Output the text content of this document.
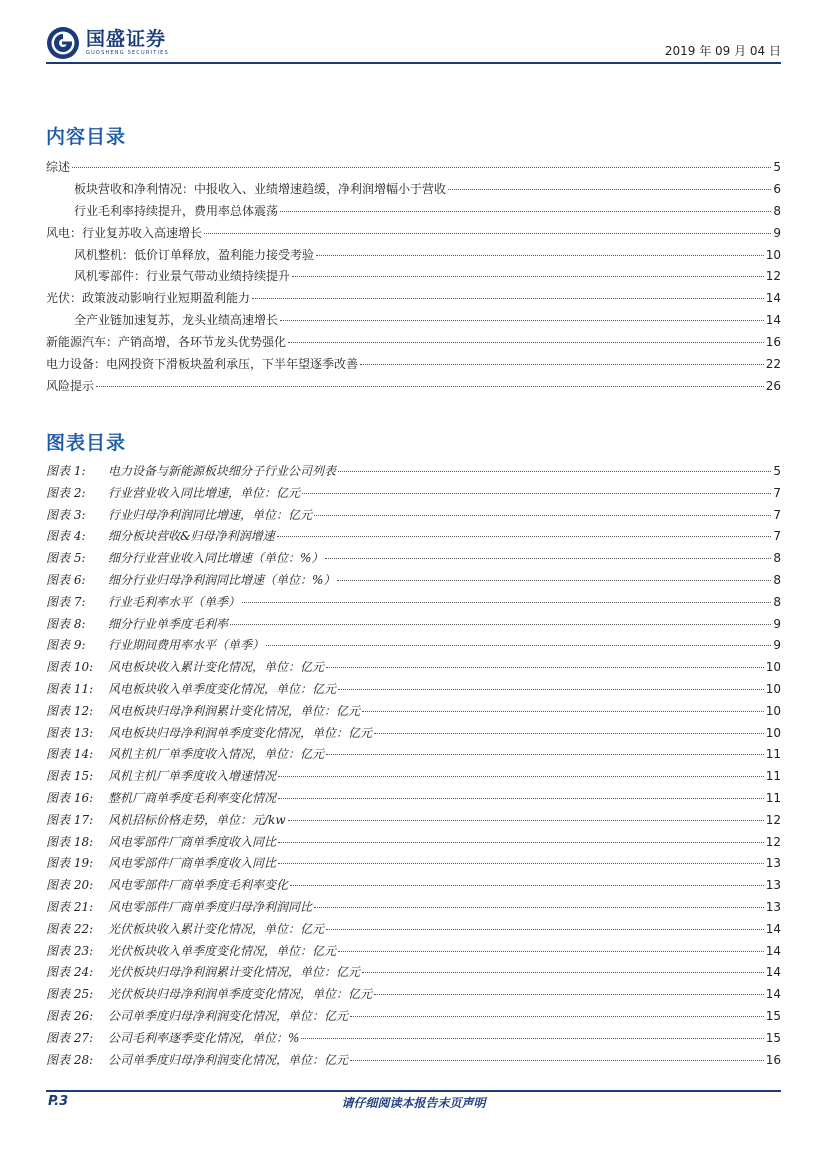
国盛证券
GUOSHENG SECURITIES	2019 年 09 月 04 日
内容目录
综述	5
板块营收和净利情况：中报收入、业绩增速趋缓，净利润增幅小于营收	6
行业毛利率持续提升，费用率总体震荡	8
风电：行业复苏收入高速增长	9
风机整机：低价订单释放，盈利能力接受考验	10
风机零部件：行业景气带动业绩持续提升	12
光伏：政策波动影响行业短期盈利能力	14
全产业链加速复苏，龙头业绩高速增长	14
新能源汽车：产销高增，各环节龙头优势强化	16
电力设备：电网投资下滑板块盈利承压，下半年望逐季改善	22
风险提示	26
图表目录
图表 1:	电力设备与新能源板块细分子行业公司列表	5
图表 2:	行业营业收入同比增速，单位：亿元	7
图表 3:	行业归母净利润同比增速，单位：亿元	7
图表 4:	细分板块营收&归母净利润增速	7
图表 5:	细分行业营业收入同比增速（单位：%）	8
图表 6:	细分行业归母净利润同比增速（单位：%）	8
图表 7:	行业毛利率水平（单季）	8
图表 8:	细分行业单季度毛利率	9
图表 9:	行业期间费用率水平（单季）	9
图表 10:	风电板块收入累计变化情况，单位：亿元	10
图表 11:	风电板块收入单季度变化情况，单位：亿元	10
图表 12:	风电板块归母净利润累计变化情况，单位：亿元	10
图表 13:	风电板块归母净利润单季度变化情况，单位：亿元	10
图表 14:	风机主机厂单季度收入情况，单位：亿元	11
图表 15:	风机主机厂单季度收入增速情况	11
图表 16:	整机厂商单季度毛利率变化情况	11
图表 17:	风机招标价格走势，单位：元/kw	12
图表 18:	风电零部件厂商单季度收入同比	12
图表 19:	风电零部件厂商单季度收入同比	13
图表 20:	风电零部件厂商单季度毛利率变化	13
图表 21:	风电零部件厂商单季度归母净利润同比	13
图表 22:	光伏板块收入累计变化情况，单位：亿元	14
图表 23:	光伏板块收入单季度变化情况，单位：亿元	14
图表 24:	光伏板块归母净利润累计变化情况，单位：亿元	14
图表 25:	光伏板块归母净利润单季度变化情况，单位：亿元	14
图表 26:	公司单季度归母净利润变化情况，单位：亿元	15
图表 27:	公司毛利率逐季变化情况，单位：%	15
图表 28:	公司单季度归母净利润变化情况，单位：亿元	16
P.3	请仔细阅读本报告末页声明
